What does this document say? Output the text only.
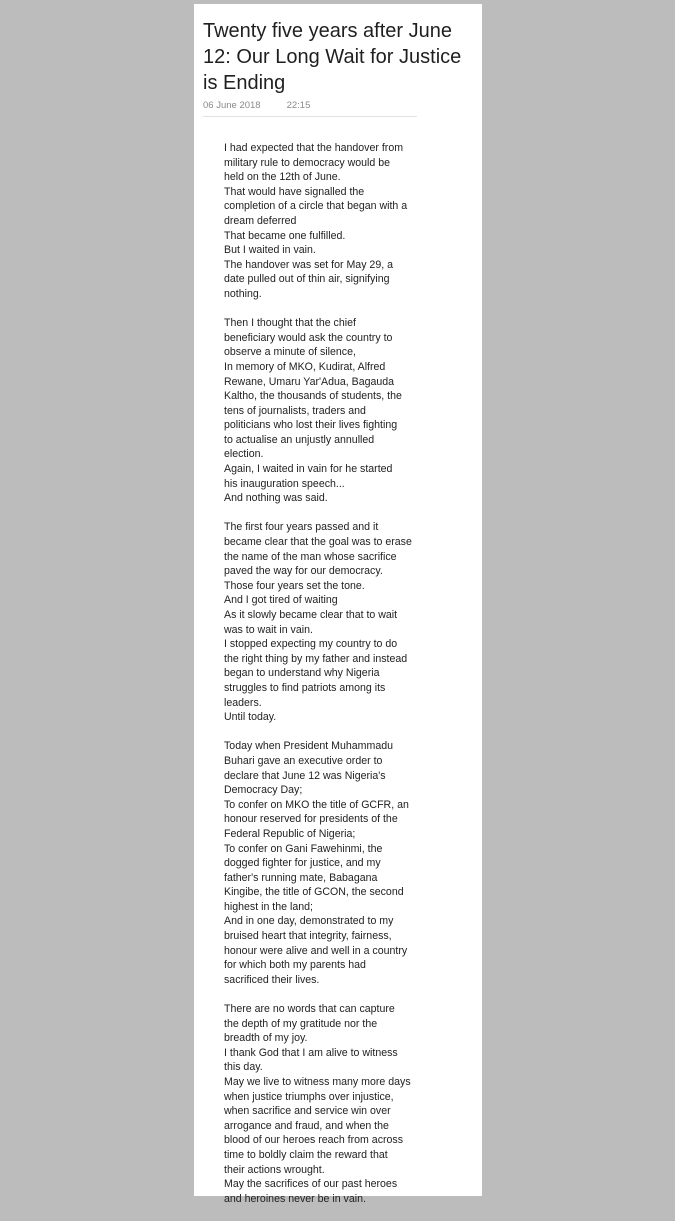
Twenty five years after June 12: Our Long Wait for Justice is Ending
06 June 2018	22:15
I had expected that the handover from
military rule to democracy would be
held on the 12th of June.
That would have signalled the
completion of a circle that began with a
dream deferred
That became one fulfilled.
But I waited in vain.
The handover was set for May 29, a
date pulled out of thin air, signifying
nothing.
Then I thought that the chief
beneficiary would ask the country to
observe a minute of silence,
In memory of MKO, Kudirat, Alfred
Rewane, Umaru Yar'Adua, Bagauda
Kaltho, the thousands of students, the
tens of journalists, traders and
politicians who lost their lives fighting
to actualise an unjustly annulled
election.
Again, I waited in vain for he started
his inauguration speech...
And nothing was said.
The first four years passed and it
became clear that the goal was to erase
the name of the man whose sacrifice
paved the way for our democracy.
Those four years set the tone.
And I got tired of waiting
As it slowly became clear that to wait
was to wait in vain.
I stopped expecting my country to do
the right thing by my father and instead
began to understand why Nigeria
struggles to find patriots among its
leaders.
Until today.
Today when President Muhammadu
Buhari gave an executive order to
declare that June 12 was Nigeria's
Democracy Day;
To confer on MKO the title of GCFR, an
honour reserved for presidents of the
Federal Republic of Nigeria;
To confer on Gani Fawehinmi, the
dogged fighter for justice, and my
father's running mate, Babagana
Kingibe, the title of GCON, the second
highest in the land;
And in one day, demonstrated to my
bruised heart that integrity, fairness,
honour were alive and well in a country
for which both my parents had
sacrificed their lives.
There are no words that can capture
the depth of my gratitude nor the
breadth of my joy.
I thank God that I am alive to witness
this day.
May we live to witness many more days
when justice triumphs over injustice,
when sacrifice and service win over
arrogance and fraud, and when the
blood of our heroes reach from across
time to boldly claim the reward that
their actions wrought.
May the sacrifices of our past heroes
and heroines never be in vain.
